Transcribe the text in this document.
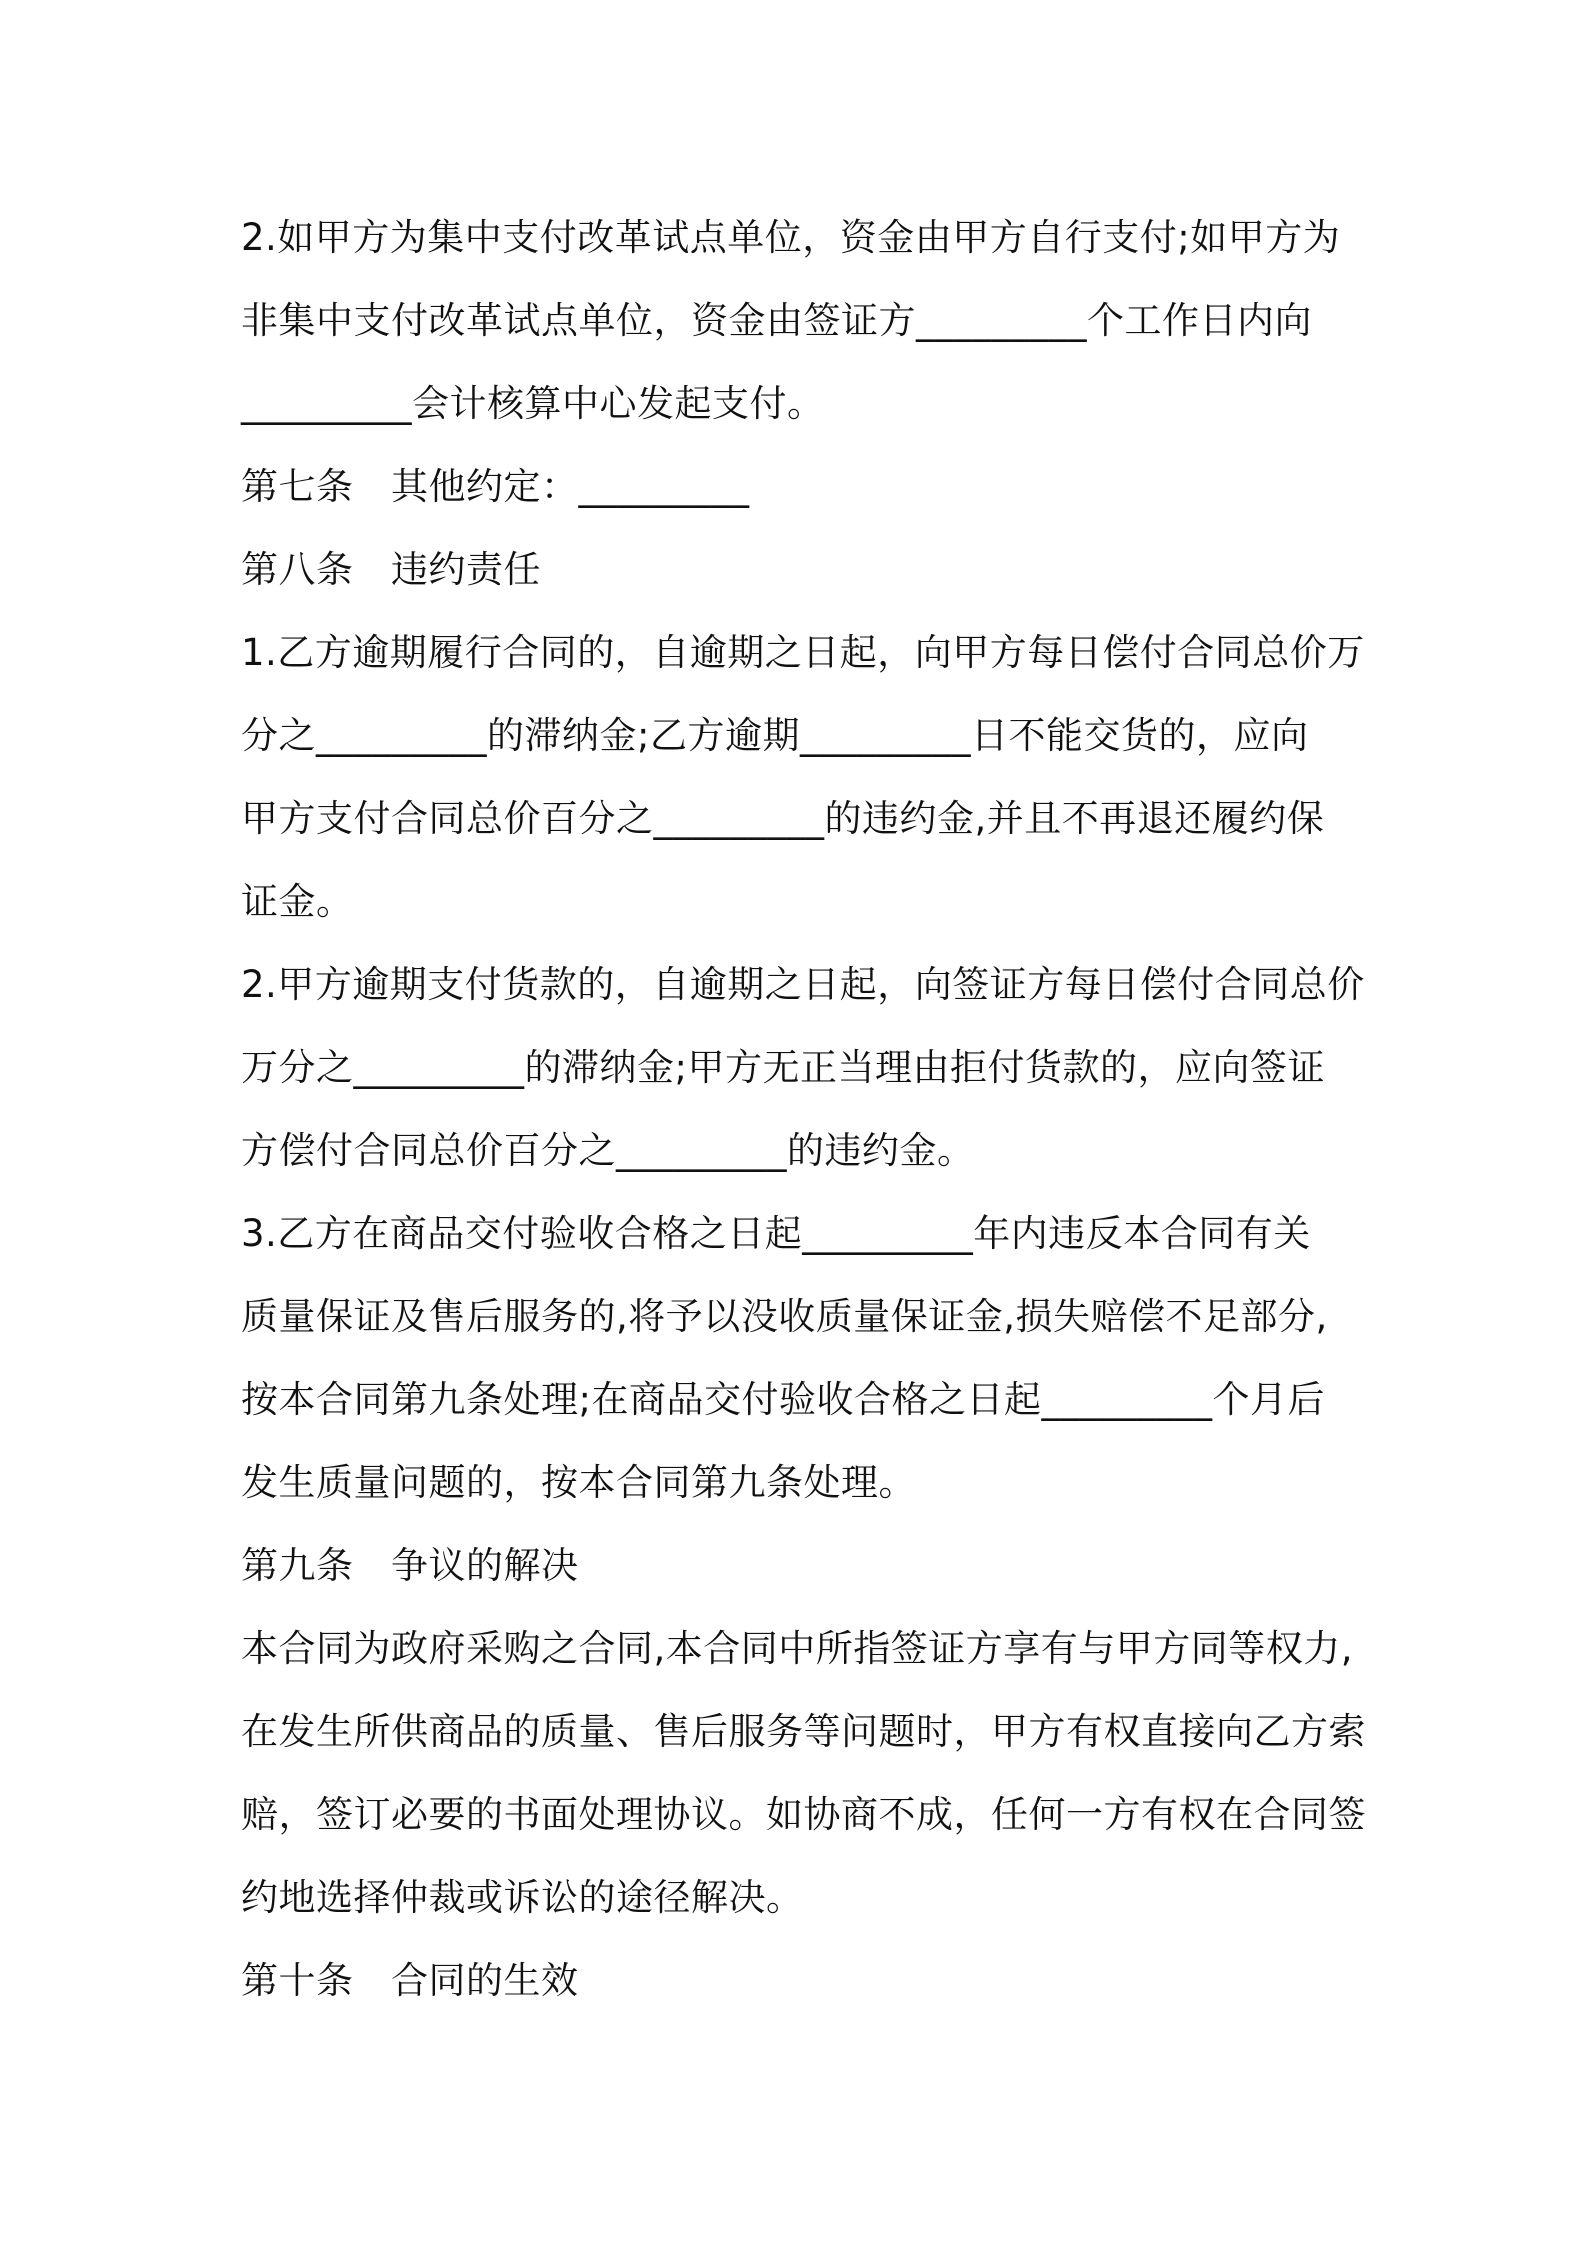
2.如甲方为集中支付改革试点单位，资金由甲方自行支付;如甲方为
非集中支付改革试点单位，资金由签证方_________个工作日内向
_________会计核算中心发起支付。
第七条　其他约定：_________
第八条　违约责任
1.乙方逾期履行合同的，自逾期之日起，向甲方每日偿付合同总价万
分之_________的滞纳金;乙方逾期_________日不能交货的，应向
甲方支付合同总价百分之_________的违约金,并且不再退还履约保
证金。
2.甲方逾期支付货款的，自逾期之日起，向签证方每日偿付合同总价
万分之_________的滞纳金;甲方无正当理由拒付货款的，应向签证
方偿付合同总价百分之_________的违约金。
3.乙方在商品交付验收合格之日起_________年内违反本合同有关
质量保证及售后服务的,将予以没收质量保证金,损失赔偿不足部分,
按本合同第九条处理;在商品交付验收合格之日起_________个月后
发生质量问题的，按本合同第九条处理。
第九条　争议的解决
本合同为政府采购之合同,本合同中所指签证方享有与甲方同等权力,
在发生所供商品的质量、售后服务等问题时，甲方有权直接向乙方索
赔，签订必要的书面处理协议。如协商不成，任何一方有权在合同签
约地选择仲裁或诉讼的途径解决。
第十条　合同的生效
